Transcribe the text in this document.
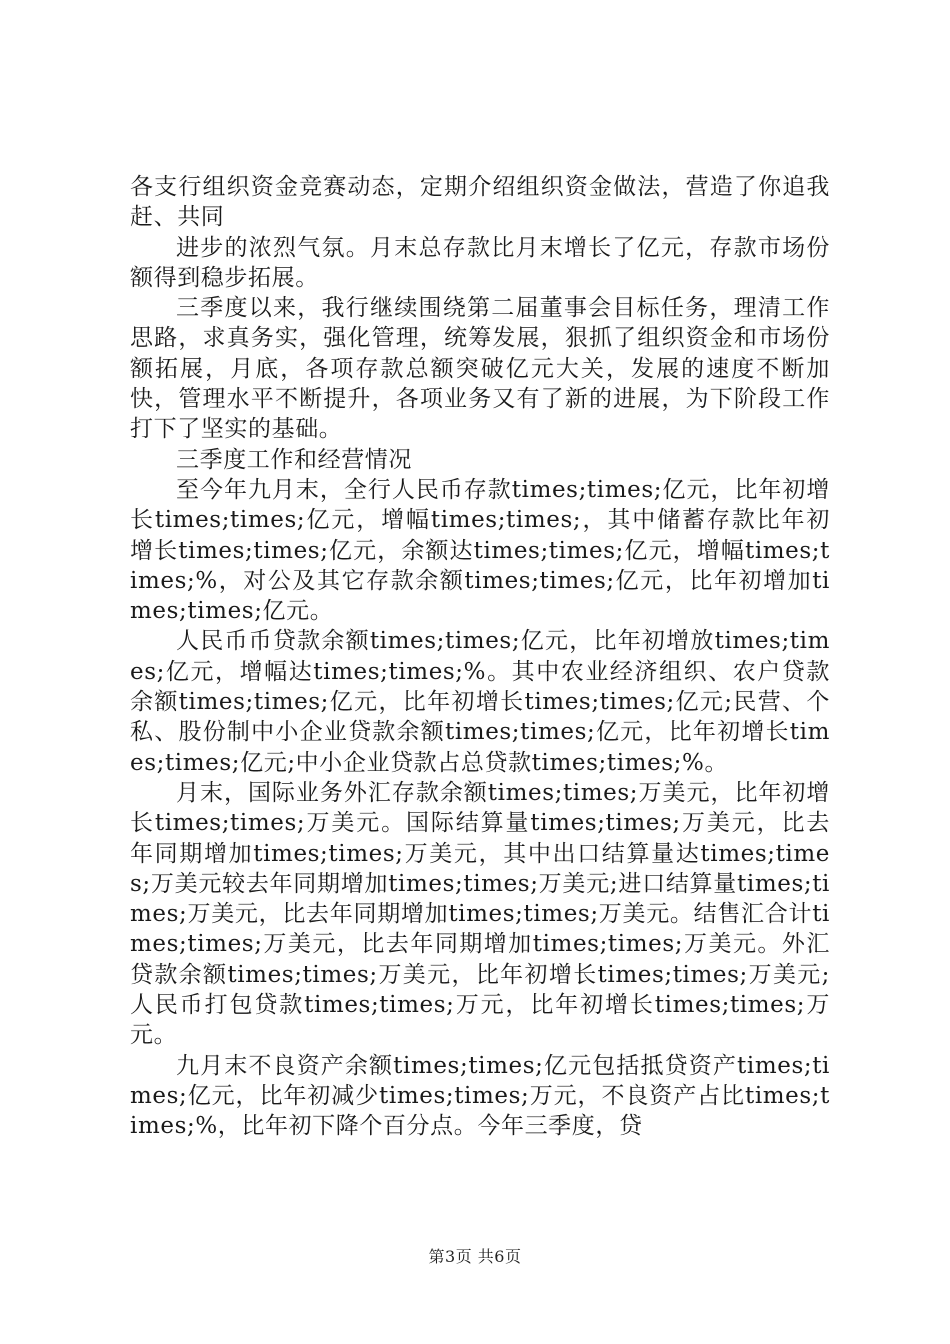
各支行组织资金竞赛动态，定期介绍组织资金做法，营造了你追我赶、共同

进步的浓烈气氛。月末总存款比月末增长了亿元，存款市场份额得到稳步拓展。

三季度以来，我行继续围绕第二届董事会目标任务，理清工作思路，求真务实，强化管理，统筹发展，狠抓了组织资金和市场份额拓展，月底，各项存款总额突破亿元大关，发展的速度不断加快，管理水平不断提升，各项业务又有了新的进展，为下阶段工作打下了坚实的基础。

三季度工作和经营情况

至今年九月末，全行人民币存款times;times;亿元，比年初增长times;times;亿元，增幅times;times;，其中储蓄存款比年初增长times;times;亿元，余额达times;times;亿元，增幅times;times;%，对公及其它存款余额times;times;亿元，比年初增加times;times;亿元。

人民币币贷款余额times;times;亿元，比年初增放times;times;亿元，增幅达times;times;%。其中农业经济组织、农户贷款余额times;times;亿元，比年初增长times;times;亿元;民营、个私、股份制中小企业贷款余额times;times;亿元，比年初增长times;times;亿元;中小企业贷款占总贷款times;times;%。

月末，国际业务外汇存款余额times;times;万美元，比年初增长times;times;万美元。国际结算量times;times;万美元，比去年同期增加times;times;万美元，其中出口结算量达times;times;万美元较去年同期增加times;times;万美元;进口结算量times;times;万美元，比去年同期增加times;times;万美元。结售汇合计times;times;万美元，比去年同期增加times;times;万美元。外汇贷款余额times;times;万美元，比年初增长times;times;万美元;人民币打包贷款times;times;万元，比年初增长times;times;万元。

九月末不良资产余额times;times;亿元包括抵贷资产times;times;亿元，比年初减少times;times;万元，不良资产占比times;times;%，比年初下降个百分点。今年三季度，贷

第3页 共6页
